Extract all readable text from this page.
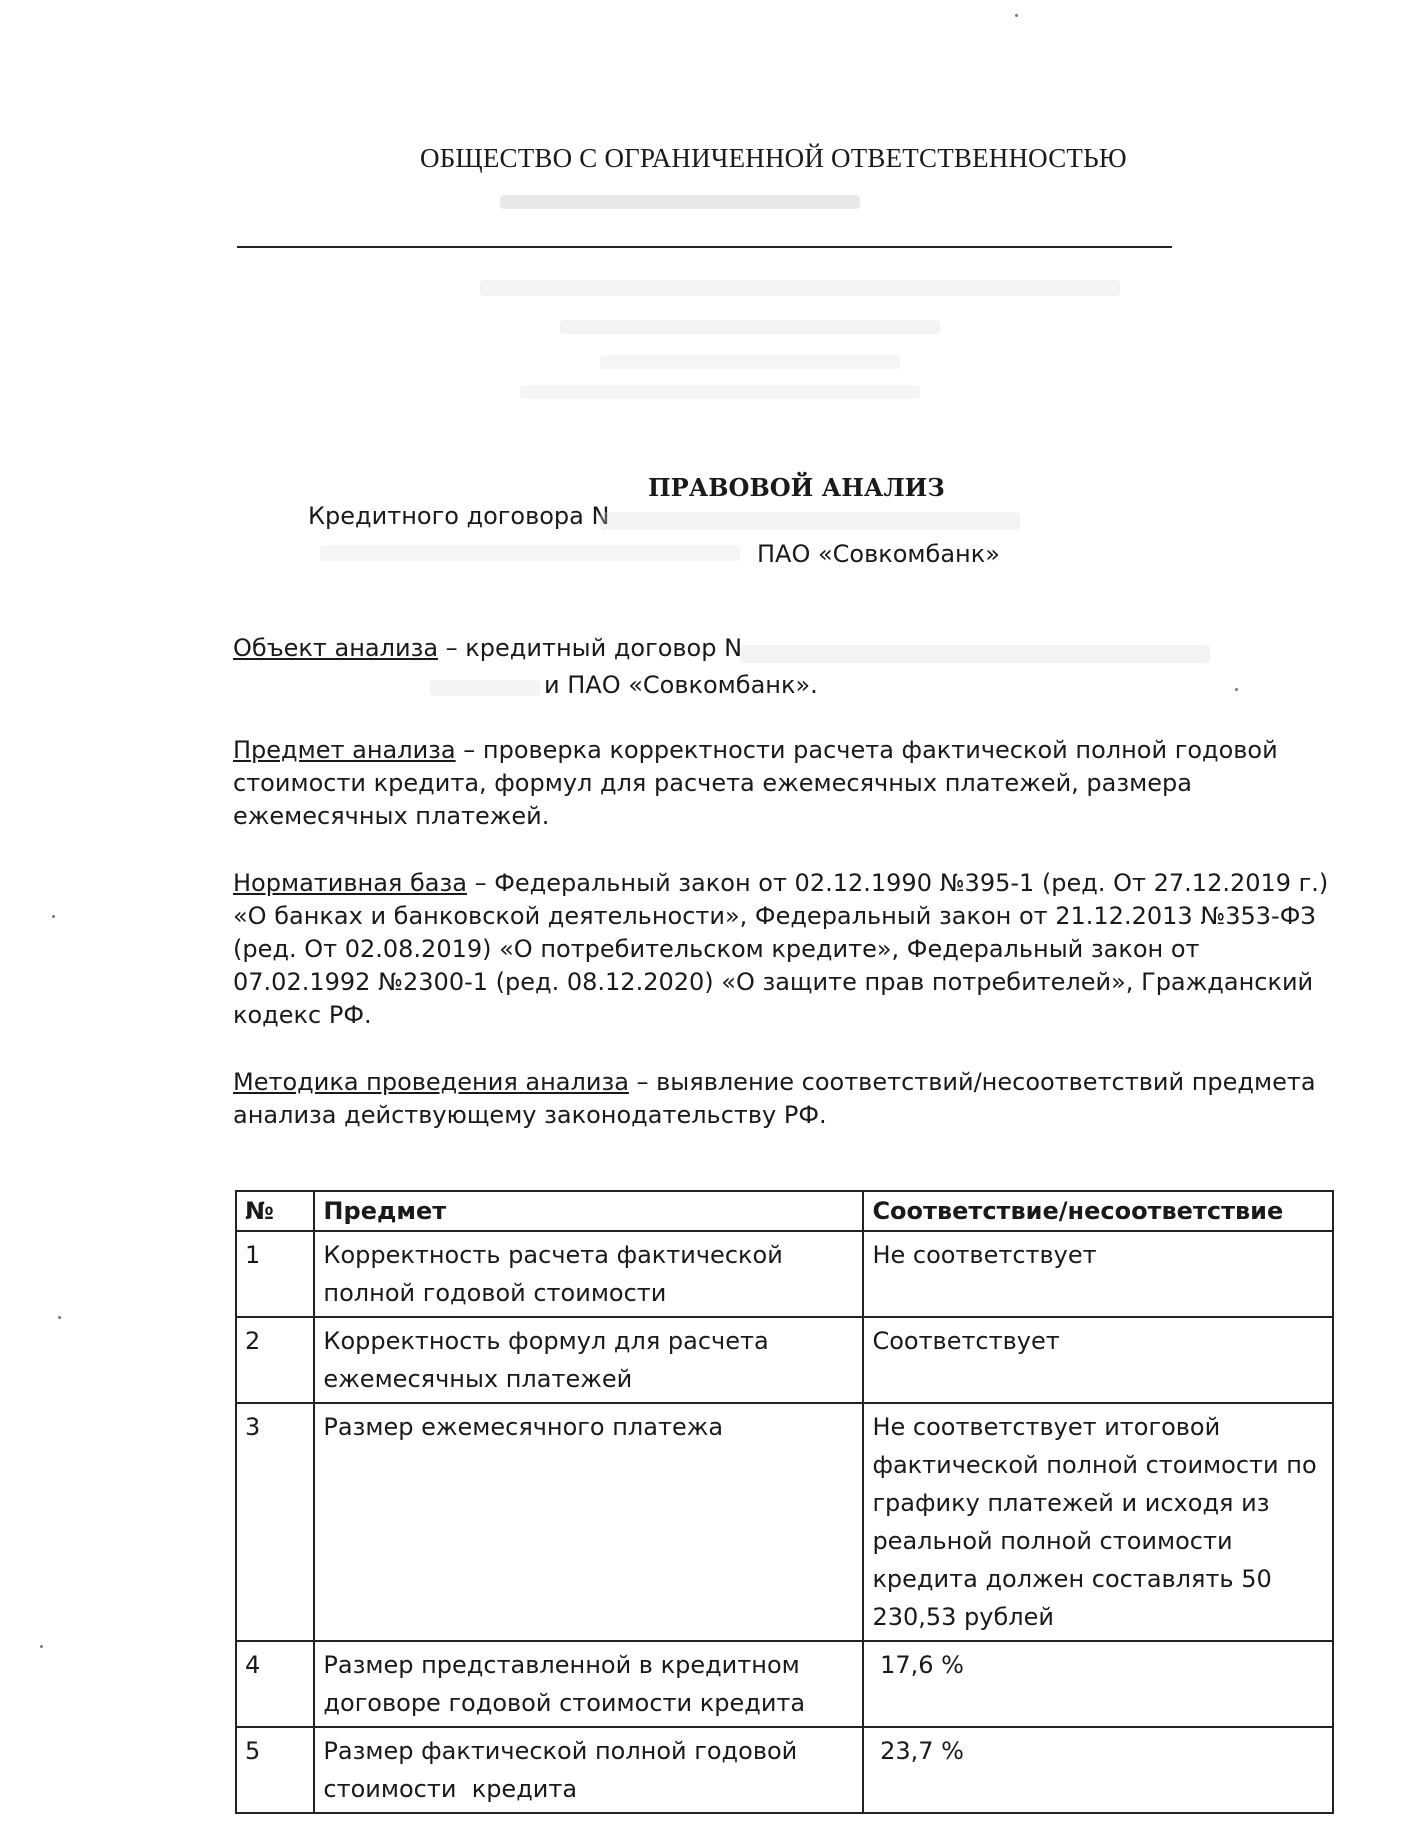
ОБЩЕСТВО С ОГРАНИЧЕННОЙ ОТВЕТСТВЕННОСТЬЮ
ПРАВОВОЙ АНАЛИЗ
Кредитного договора N
ПАО «Совкомбанк»
Объект анализа – кредитный договор N
и ПАО «Совкомбанк».
Предмет анализа – проверка корректности расчета фактической полной годовой стоимости кредита, формул для расчета ежемесячных платежей, размера ежемесячных платежей.
Нормативная база – Федеральный закон от 02.12.1990 №395-1 (ред. От 27.12.2019 г.) «О банках и банковской деятельности», Федеральный закон от 21.12.2013 №353-ФЗ (ред. От 02.08.2019) «О потребительском кредите», Федеральный закон от 07.02.1992 №2300-1 (ред. 08.12.2020) «О защите прав потребителей», Гражданский кодекс РФ.
Методика проведения анализа – выявление соответствий/несоответствий предмета анализа действующему законодательству РФ.
№	Предмет	Соответствие/несоответствие
1	Корректность расчета фактической полной годовой стоимости	Не соответствует
2	Корректность формул для расчета ежемесячных платежей	Соответствует
3	Размер ежемесячного платежа	Не соответствует итоговой фактической полной стоимости по графику платежей и исходя из реальной полной стоимости кредита должен составлять 50 230,53 рублей
4	Размер представленной в кредитном договоре годовой стоимости кредита	17,6 %
5	Размер фактической полной годовой стоимости  кредита	23,7 %
